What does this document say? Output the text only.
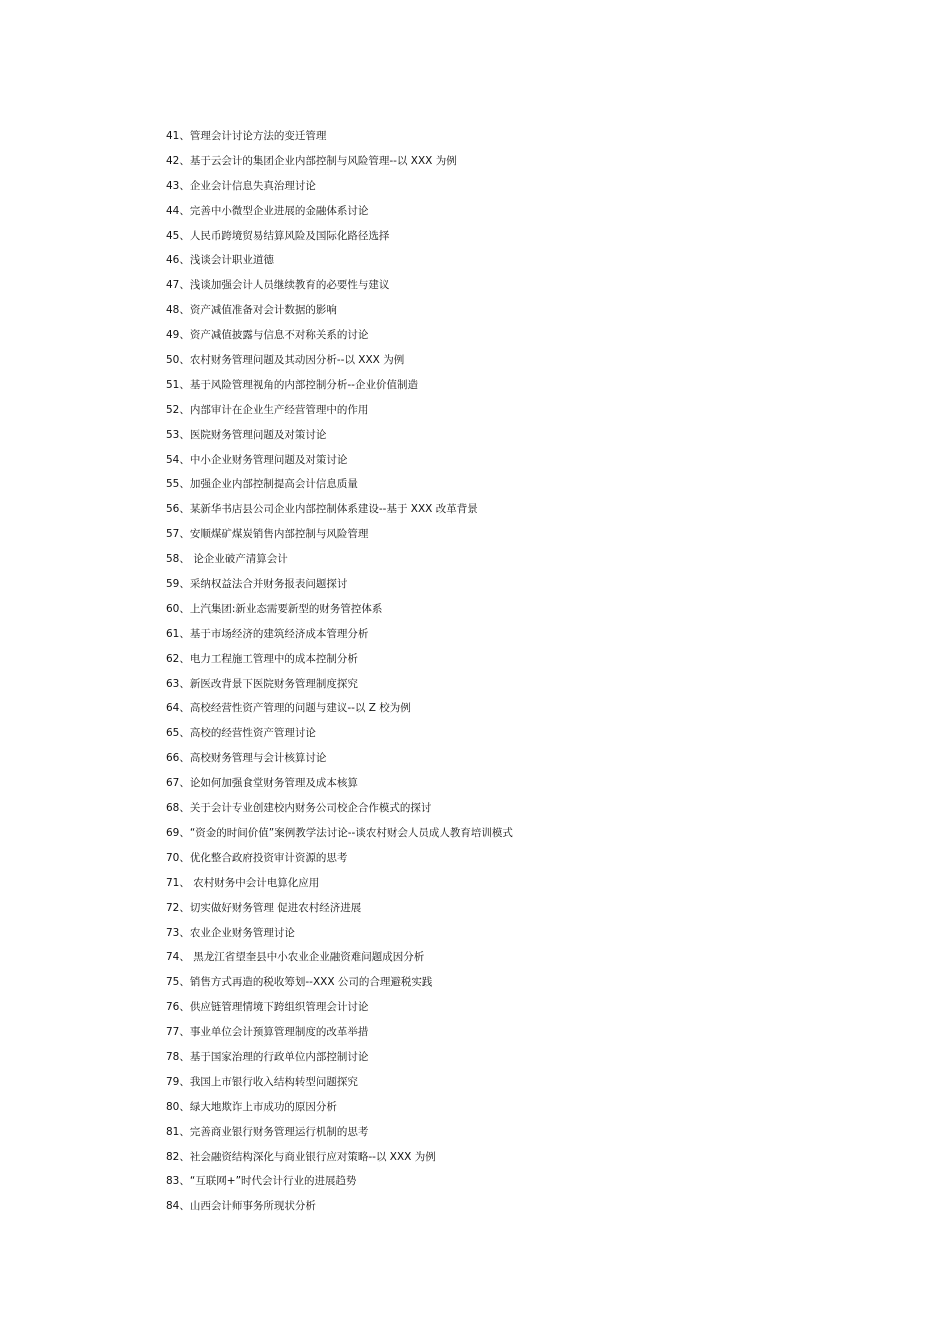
41、管理会计讨论方法的变迁管理
42、基于云会计的集团企业内部控制与风险管理--以 XXX 为例
43、企业会计信息失真治理讨论
44、完善中小微型企业进展的金融体系讨论
45、人民币跨境贸易结算风险及国际化路径选择
46、浅谈会计职业道德
47、浅谈加强会计人员继续教育的必要性与建议
48、资产减值准备对会计数据的影响
49、资产减值披露与信息不对称关系的讨论
50、农村财务管理问题及其动因分析--以 XXX 为例
51、基于风险管理视角的内部控制分析--企业价值制造
52、内部审计在企业生产经营管理中的作用
53、医院财务管理问题及对策讨论
54、中小企业财务管理问题及对策讨论
55、加强企业内部控制提高会计信息质量
56、某新华书店县公司企业内部控制体系建设--基于 XXX 改革背景
57、安顺煤矿煤炭销售内部控制与风险管理
58、 论企业破产清算会计
59、采纳权益法合并财务报表问题探讨
60、上汽集团:新业态需要新型的财务管控体系
61、基于市场经济的建筑经济成本管理分析
62、电力工程施工管理中的成本控制分析
63、新医改背景下医院财务管理制度探究
64、高校经营性资产管理的问题与建议--以 Z 校为例
65、高校的经营性资产管理讨论
66、高校财务管理与会计核算讨论
67、论如何加强食堂财务管理及成本核算
68、关于会计专业创建校内财务公司校企合作模式的探讨
69、“资金的时间价值”案例教学法讨论--谈农村财会人员成人教育培训模式
70、优化整合政府投资审计资源的思考
71、 农村财务中会计电算化应用
72、切实做好财务管理 促进农村经济进展
73、农业企业财务管理讨论
74、 黑龙江省望奎县中小农业企业融资难问题成因分析
75、销售方式再造的税收筹划--XXX 公司的合理避税实践
76、供应链管理情境下跨组织管理会计讨论
77、事业单位会计预算管理制度的改革举措
78、基于国家治理的行政单位内部控制讨论
79、我国上市银行收入结构转型问题探究
80、绿大地欺诈上市成功的原因分析
81、完善商业银行财务管理运行机制的思考
82、社会融资结构深化与商业银行应对策略--以 XXX 为例
83、“互联网+”时代会计行业的进展趋势
84、山西会计师事务所现状分析
